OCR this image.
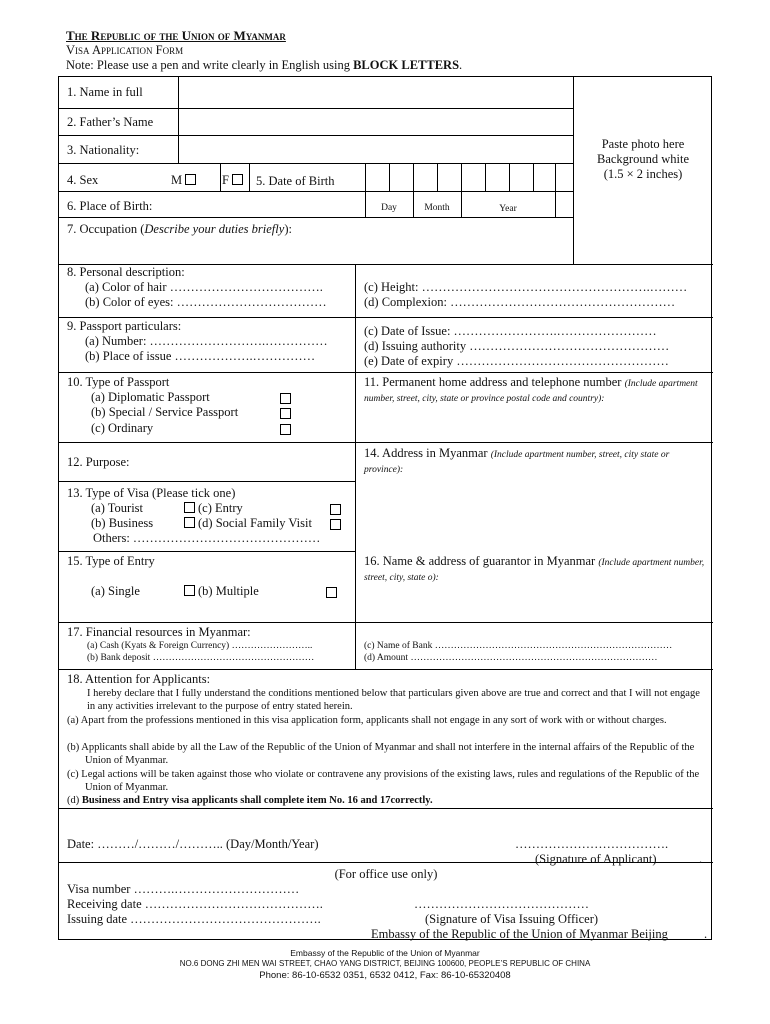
The Republic of the Union of Myanmar
Visa Application Form
Note: Please use a pen and write clearly in English using BLOCK LETTERS.
Paste photo here
Background white
(1.5 × 2 inches)
1. Name in full
2. Father’s Name
3. Nationality:
4. Sex	M	F	5. Date of Birth
6. Place of Birth:	Day	Month	Year
7. Occupation (Describe your duties briefly):
8. Personal description:
(a) Color of hair ……………………………….
(b) Color of eyes: ………………………………
(c) Height: ……………………………………………….………
(d) Complexion: ………………………………………………
9. Passport particulars:
(a) Number: ……………………….……………
(b) Place of issue ……………….……………
(c) Date of Issue: …………………….……………………
(d) Issuing authority …………………………………………
(e) Date of expiry ……………………………………………
10. Type of Passport
(a) Diplomatic Passport
(b) Special / Service Passport
(c) Ordinary
11. Permanent home address and telephone number (Include apartment number, street, city, state or province postal code and country):
12. Purpose:
14. Address in Myanmar (Include apartment number, street, city state or province):
13. Type of Visa (Please tick one)
(a) Tourist
(b) Business
(c) Entry
(d) Social Family Visit
Others: ………………………………………
15. Type of Entry
(a) Single	(b) Multiple
16. Name & address of guarantor in Myanmar (Include apartment number, street, city, state o):
17. Financial resources in Myanmar:
(a) Cash (Kyats & Foreign Currency) ……………………..
(b) Bank deposit ……………………………………………
(c) Name of Bank …………………………………………………………………
(d) Amount ……………………………………………………………………
18. Attention for Applicants:
I hereby declare that I fully understand the conditions mentioned below that particulars given above are true and correct and that I will not engage in any activities irrelevant to the purpose of entry stated herein.
(a) Apart from the professions mentioned in this visa application form, applicants shall not engage in any sort of work with or without charges.
(b) Applicants shall abide by all the Law of the Republic of the Union of Myanmar and shall not interfere in the internal affairs of the Republic of the Union of Myanmar.
(c) Legal actions will be taken against those who violate or contravene any provisions of the existing laws, rules and regulations of the Republic of the Union of Myanmar.
(d) Business and Entry visa applicants shall complete item No. 16 and 17correctly.
Date: ………/………/……….. (Day/Month/Year)	……………………………….
(Signature of Applicant)	.
(For office use only)
Visa number ……….…………………………
Receiving date …………………………………….
Issuing date ……………………………………….
……………………………………
(Signature of Visa Issuing Officer)
Embassy of the Republic of the Union of Myanmar Beijing	.
Embassy of the Republic of the Union of Myanmar
NO.6 DONG ZHI MEN WAI STREET, CHAO YANG DISTRICT, BEIJING 100600, PEOPLE’S REPUBLIC OF CHINA
Phone: 86-10-6532 0351, 6532 0412, Fax: 86-10-65320408
